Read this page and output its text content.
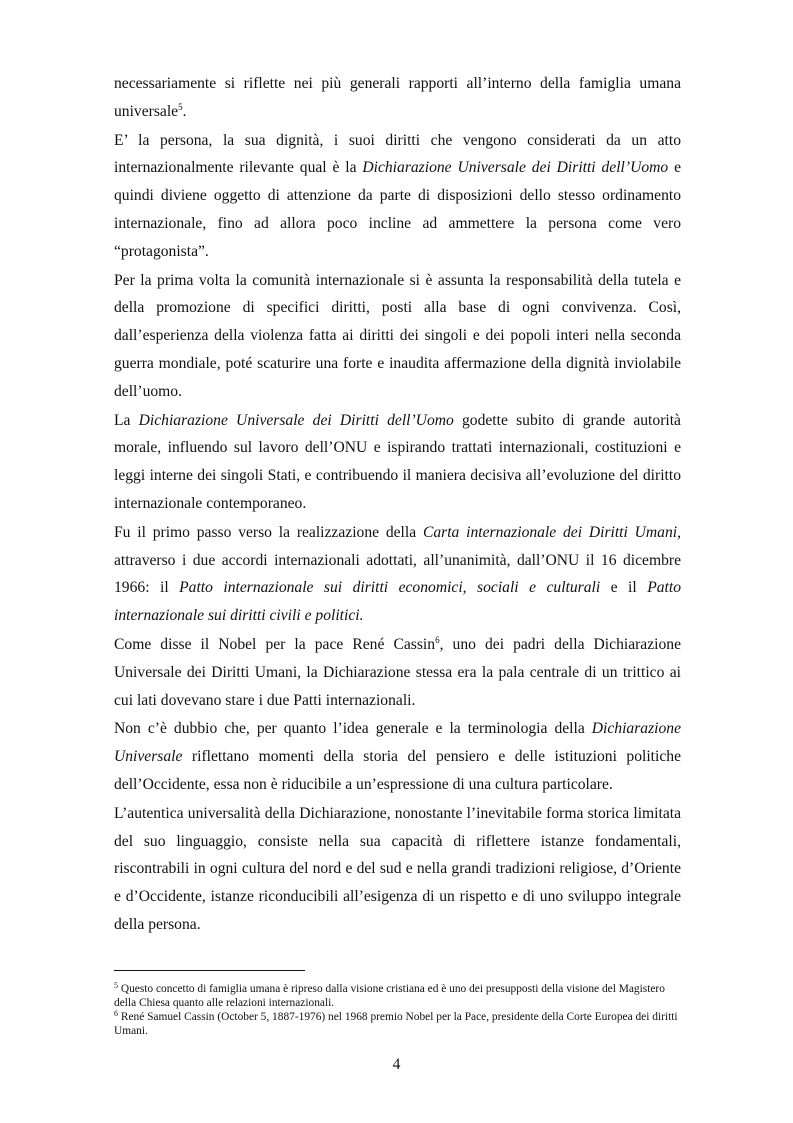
necessariamente si riflette nei più generali rapporti all’interno della famiglia umana universale$^5$.

E’ la persona, la sua dignità, i suoi diritti che vengono considerati da un atto internazionalmente rilevante qual è la Dichiarazione Universale dei Diritti dell’Uomo e quindi diviene oggetto di attenzione da parte di disposizioni dello stesso ordinamento internazionale, fino ad allora poco incline ad ammettere la persona come vero “protagonista”.

Per la prima volta la comunità internazionale si è assunta la responsabilità della tutela e della promozione di specifici diritti, posti alla base di ogni convivenza. Così, dall’esperienza della violenza fatta ai diritti dei singoli e dei popoli interi nella seconda guerra mondiale, poté scaturire una forte e inaudita affermazione della dignità inviolabile dell’uomo.

La Dichiarazione Universale dei Diritti dell’Uomo godette subito di grande autorità morale, influendo sul lavoro dell’ONU e ispirando trattati internazionali, costituzioni e leggi interne dei singoli Stati, e contribuendo il maniera decisiva all’evoluzione del diritto internazionale contemporaneo.

Fu il primo passo verso la realizzazione della Carta internazionale dei Diritti Umani, attraverso i due accordi internazionali adottati, all’unanimità, dall’ONU il 16 dicembre 1966: il Patto internazionale sui diritti economici, sociali e culturali e il Patto internazionale sui diritti civili e politici.

Come disse il Nobel per la pace René Cassin$^6$, uno dei padri della Dichiarazione Universale dei Diritti Umani, la Dichiarazione stessa era la pala centrale di un trittico ai cui lati dovevano stare i due Patti internazionali.

Non c’è dubbio che, per quanto l’idea generale e la terminologia della Dichiarazione Universale riflettano momenti della storia del pensiero e delle istituzioni politiche dell’Occidente, essa non è riducibile a un’espressione di una cultura particolare.

L’autentica universalità della Dichiarazione, nonostante l’inevitabile forma storica limitata del suo linguaggio, consiste nella sua capacità di riflettere istanze fondamentali, riscontrabili in ogni cultura del nord e del sud e nella grandi tradizioni religiose, d’Oriente e d’Occidente, istanze riconducibili all’esigenza di un rispetto e di uno sviluppo integrale della persona.

$^5$ Questo concetto di famiglia umana è ripreso dalla visione cristiana ed è uno dei presupposti della visione del Magistero della Chiesa quanto alle relazioni internazionali.

$^6$ René Samuel Cassin (October 5, 1887-1976) nel 1968 premio Nobel per la Pace, presidente della Corte Europea dei diritti Umani.

4
